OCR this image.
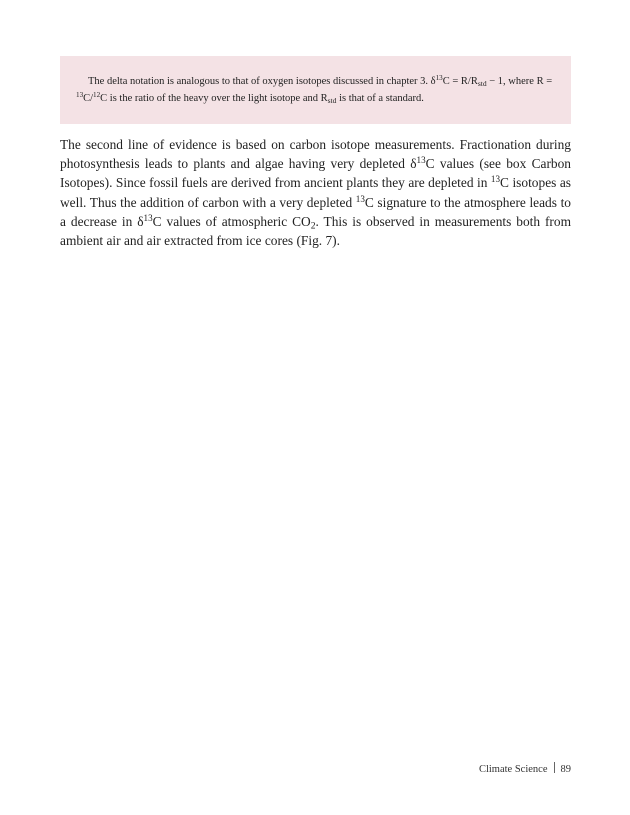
The delta notation is analogous to that of oxygen isotopes discussed in chapter 3. $\delta^{13}C = R/R_{std} - 1$, where R =
$^{13}$C/$^{12}$C is the ratio of the heavy over the light isotope and $R_{std}$ is that of a standard.

The second line of evidence is based on carbon isotope measurements. Fractionation during photosynthesis leads to plants and algae having very depleted $\delta^{13}C$ values (see box Carbon Isotopes). Since fossil fuels are derived from ancient plants they are depleted in $^{13}$C isotopes as well. Thus the addition of carbon with a very depleted $^{13}$C signature to the atmosphere leads to a decrease in $\delta^{13}C$ values of atmospheric $CO_2$. This is observed in measurements both from ambient air and air extracted from ice cores (Fig. 7).

Climate Science 89
